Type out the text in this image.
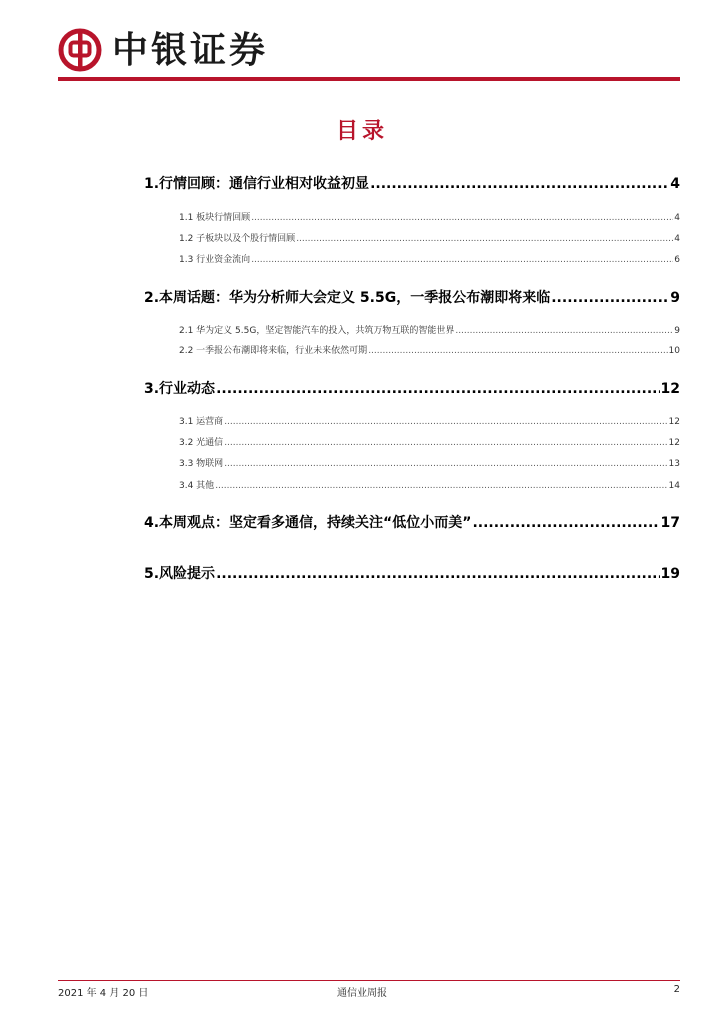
中银证券
目录
1.行情回顾：通信行业相对收益初显 .....	4
1.1 板块行情回顾 .....	4
1.2 子板块以及个股行情回顾 .....	4
1.3 行业资金流向 .....	6
2.本周话题：华为分析师大会定义 5.5G，一季报公布潮即将来临 .....	9
2.1 华为定义 5.5G，坚定智能汽车的投入，共筑万物互联的智能世界 .....	9
2.2 一季报公布潮即将来临，行业未来依然可期 .....	10
3.行业动态 .....	12
3.1 运营商 .....	12
3.2 光通信 .....	12
3.3 物联网 .....	13
3.4 其他 .....	14
4.本周观点：坚定看多通信，持续关注“低位小而美” .....	17
5.风险提示 .....	19
2021 年 4 月 20 日	通信业周报	2
